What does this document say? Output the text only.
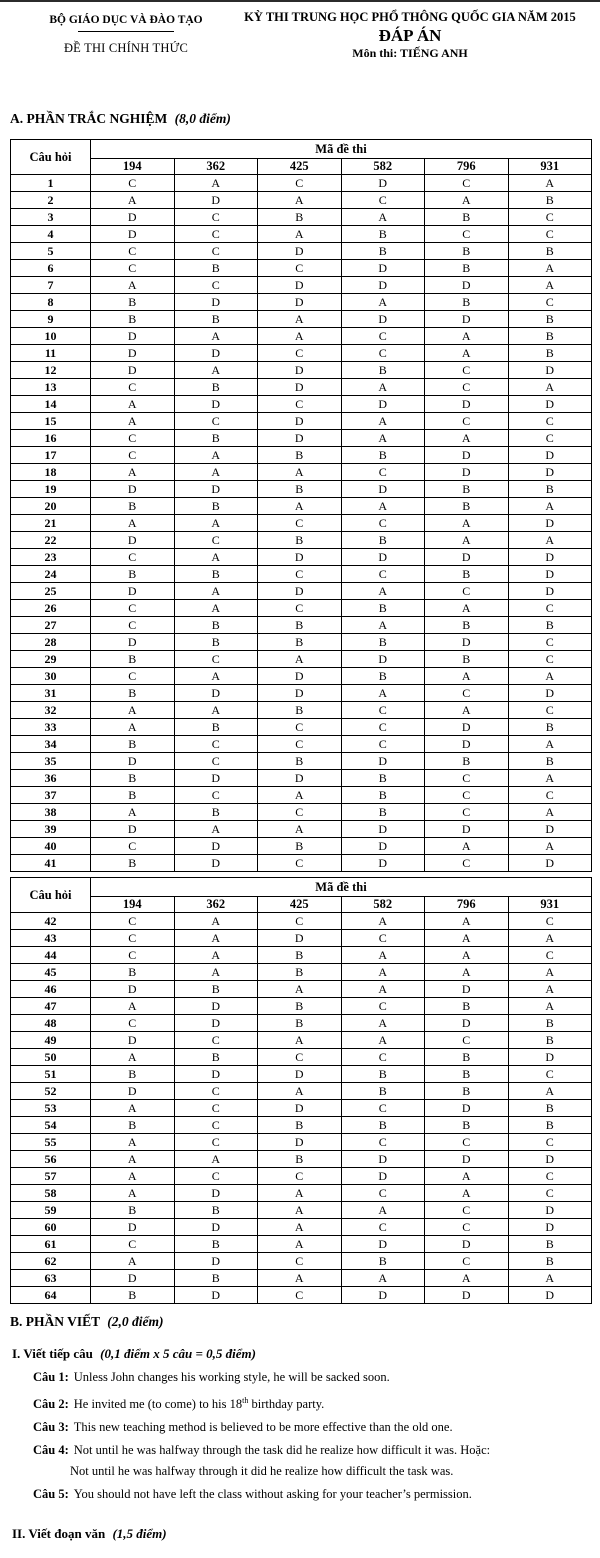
BỘ GIÁO DỤC VÀ ĐÀO TẠO
ĐỀ THI CHÍNH THỨC
KỲ THI TRUNG HỌC PHỔ THÔNG QUỐC GIA NĂM 2015
ĐÁP ÁN
Môn thi: TIẾNG ANH
A. PHẦN TRẮC NGHIỆM (8,0 điểm)
Câu hỏi	Mã đề thi					
	194	362	425	582	796	931
1	C	A	C	D	C	A
2	A	D	A	C	A	B
3	D	C	B	A	B	C
4	D	C	A	B	C	C
5	C	C	D	B	B	B
6	C	B	C	D	B	A
7	A	C	D	D	D	A
8	B	D	D	A	B	C
9	B	B	A	D	D	B
10	D	A	A	C	A	B
11	D	D	C	C	A	B
12	D	A	D	B	C	D
13	C	B	D	A	C	A
14	A	D	C	D	D	D
15	A	C	D	A	C	C
16	C	B	D	A	A	C
17	C	A	B	B	D	D
18	A	A	A	C	D	D
19	D	D	B	D	B	B
20	B	B	A	A	B	A
21	A	A	C	C	A	D
22	D	C	B	B	A	A
23	C	A	D	D	D	D
24	B	B	C	C	B	D
25	D	A	D	A	C	D
26	C	A	C	B	A	C
27	C	B	B	A	B	B
28	D	B	B	B	D	C
29	B	C	A	D	B	C
30	C	A	D	B	A	A
31	B	D	D	A	C	D
32	A	A	B	C	A	C
33	A	B	C	C	D	B
34	B	C	C	C	D	A
35	D	C	B	D	B	B
36	B	D	D	B	C	A
37	B	C	A	B	C	C
38	A	B	C	B	C	A
39	D	A	A	D	D	D
40	C	D	B	D	A	A
41	B	D	C	D	C	D
Câu hỏi	Mã đề thi					
	194	362	425	582	796	931
42	C	A	C	A	A	C
43	C	A	D	C	A	A
44	C	A	B	A	A	C
45	B	A	B	A	A	A
46	D	B	A	A	D	A
47	A	D	B	C	B	A
48	C	D	B	A	D	B
49	D	C	A	A	C	B
50	A	B	C	C	B	D
51	B	D	D	B	B	C
52	D	C	A	B	B	A
53	A	C	D	C	D	B
54	B	C	B	B	B	B
55	A	C	D	C	C	C
56	A	A	B	D	D	D
57	A	C	C	D	A	C
58	A	D	A	C	A	C
59	B	B	A	A	C	D
60	D	D	A	C	C	D
61	C	B	A	D	D	B
62	A	D	C	B	C	B
63	D	B	A	A	A	A
64	B	D	C	D	D	D
B. PHẦN VIẾT (2,0 điểm)
I. Viết tiếp câu (0,1 điểm x 5 câu = 0,5 điểm)
Câu 1: Unless John changes his working style, he will be sacked soon.
Câu 2: He invited me (to come) to his 18th birthday party.
Câu 3: This new teaching method is believed to be more effective than the old one.
Câu 4: Not until he was halfway through the task did he realize how difficult it was. Hoặc:
Not until he was halfway through it did he realize how difficult the task was.
Câu 5: You should not have left the class without asking for your teacher’s permission.
II. Viết đoạn văn (1,5 điểm)
